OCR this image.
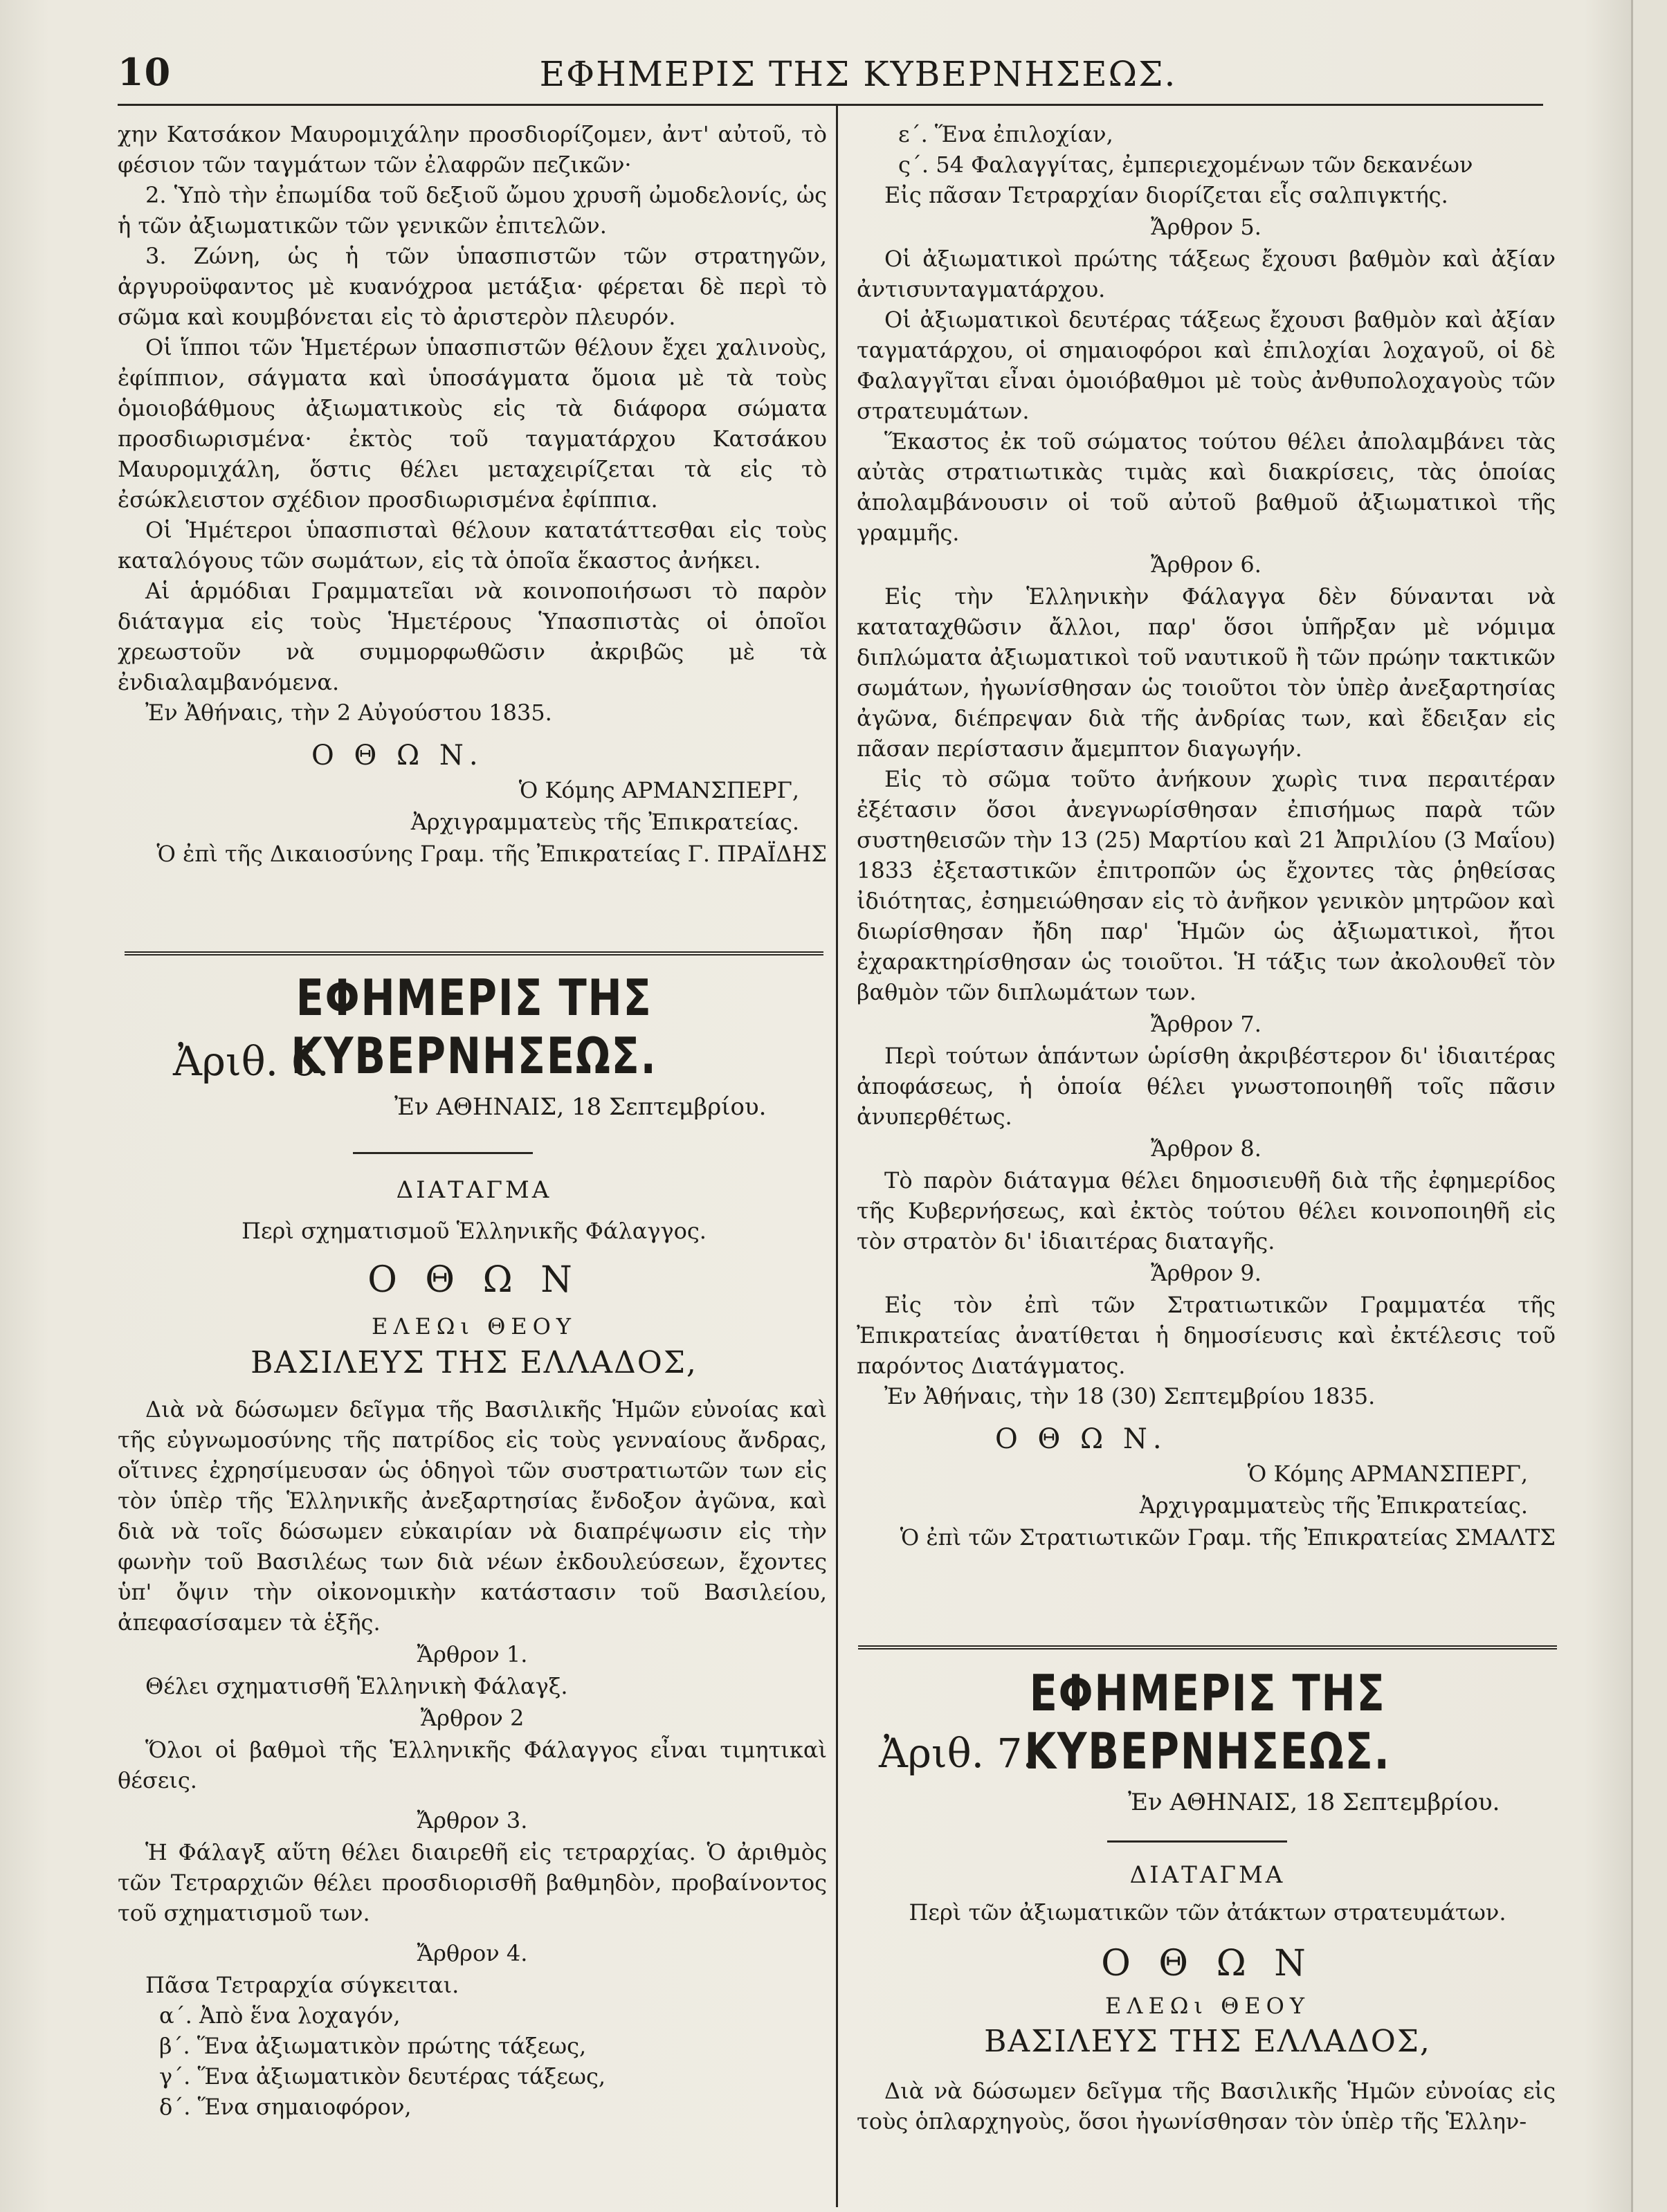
10	ΕΦΗΜΕΡΙΣ ΤΗΣ ΚΥΒΕΡΝΗΣΕΩΣ.

χην Κατσάκον Μαυρομιχάλην προσδιορίζομεν, ἀντ' αὐτοῦ, τὸ φέσιον τῶν ταγμάτων τῶν ἐλαφρῶν πεζικῶν·

2. Ὑπὸ τὴν ἐπωμίδα τοῦ δεξιοῦ ὤμου χρυσῆ ὠμοδελονίς, ὡς ἡ τῶν ἀξιωματικῶν τῶν γενικῶν ἐπιτελῶν.

3. Ζώνη, ὡς ἡ τῶν ὑπασπιστῶν τῶν στρατηγῶν, ἀργυροϋφαντος μὲ κυανόχροα μετάξια· φέρεται δὲ περὶ τὸ σῶμα καὶ κουμβόνεται εἰς τὸ ἀριστερὸν πλευρόν.

Οἱ ἵπποι τῶν Ἡμετέρων ὑπασπιστῶν θέλουν ἔχει χαλινοὺς, ἐφίππιον, σάγματα καὶ ὑποσάγματα ὅμοια μὲ τὰ τοὺς ὁμοιοβάθμους ἀξιωματικοὺς εἰς τὰ διάφορα σώματα προσδιωρισμένα· ἐκτὸς τοῦ ταγματάρχου Κατσάκου Μαυρομιχάλη, ὅστις θέλει μεταχειρίζεται τὰ εἰς τὸ ἐσώκλειστον σχέδιον προσδιωρισμένα ἐφίππια.

Οἱ Ἡμέτεροι ὑπασπισταὶ θέλουν κατατάττεσθαι εἰς τοὺς καταλόγους τῶν σωμάτων, εἰς τὰ ὁποῖα ἕκαστος ἀνήκει.

Αἱ ἁρμόδιαι Γραμματεῖαι νὰ κοινοποιήσωσι τὸ παρὸν διάταγμα εἰς τοὺς Ἡμετέρους Ὑπασπιστὰς οἱ ὁποῖοι χρεωστοῦν νὰ συμμορφωθῶσιν ἀκριβῶς μὲ τὰ ἐνδιαλαμβανόμενα.

Ἐν Ἀθήναις, τὴν 2 Αὐγούστου 1835.

Ο Θ Ω Ν.
Ὁ Κόμης ΑΡΜΑΝΣΠΕΡΓ,
Ἀρχιγραμματεὺς τῆς Ἐπικρατείας.
Ὁ ἐπὶ τῆς Δικαιοσύνης Γραμ. τῆς Ἐπικρατείας Γ. ΠΡΑΪΔΗΣ
ΕΦΗΜΕΡΙΣ ΤΗΣ ΚΥΒΕΡΝΗΣΕΩΣ.
Ἀριθ. 6.
Ἐν ΑΘΗΝΑΙΣ, 18 Σεπτεμβρίου.
ΔΙΑΤΑΓΜΑ
Περὶ σχηματισμοῦ Ἑλληνικῆς Φάλαγγος.
Ο Θ Ω Ν
ΕΛΕΩι ΘΕΟΥ
ΒΑΣΙΛΕΥΣ ΤΗΣ ΕΛΛΑΔΟΣ,

Διὰ νὰ δώσωμεν δεῖγμα τῆς Βασιλικῆς Ἡμῶν εὐνοίας καὶ τῆς εὐγνωμοσύνης τῆς πατρίδος εἰς τοὺς γενναίους ἄνδρας, οἵτινες ἐχρησίμευσαν ὡς ὁδηγοὶ τῶν συστρατιωτῶν των εἰς τὸν ὑπὲρ τῆς Ἑλληνικῆς ἀνεξαρτησίας ἔνδοξον ἀγῶνα, καὶ διὰ νὰ τοῖς δώσωμεν εὐκαιρίαν νὰ διαπρέψωσιν εἰς τὴν φωνὴν τοῦ Βασιλέως των διὰ νέων ἐκδουλεύσεων, ἔχοντες ὑπ' ὄψιν τὴν οἰκονομικὴν κατάστασιν τοῦ Βασιλείου, ἀπεφασίσαμεν τὰ ἑξῆς.

Ἄρθρον 1.

Θέλει σχηματισθῆ Ἑλληνικὴ Φάλαγξ.

Ἄρθρον 2

Ὅλοι οἱ βαθμοὶ τῆς Ἑλληνικῆς Φάλαγγος εἶναι τιμητικαὶ θέσεις.

Ἄρθρον 3.

Ἡ Φάλαγξ αὕτη θέλει διαιρεθῆ εἰς τετραρχίας. Ὁ ἀριθμὸς τῶν Τετραρχιῶν θέλει προσδιορισθῆ βαθμηδὸν, προβαίνοντος τοῦ σχηματισμοῦ των.

Ἄρθρον 4.

Πᾶσα Τετραρχία σύγκειται.

α΄. Ἀπὸ ἕνα λοχαγόν,

β΄. Ἕνα ἀξιωματικὸν πρώτης τάξεως,

γ΄. Ἕνα ἀξιωματικὸν δευτέρας τάξεως,

δ΄. Ἕνα σημαιοφόρον,

ε΄. Ἕνα ἐπιλοχίαν,

ς΄. 54 Φαλαγγίτας, ἐμπεριεχομένων τῶν δεκανέων

Εἰς πᾶσαν Τετραρχίαν διορίζεται εἷς σαλπιγκτής.

Ἄρθρον 5.

Οἱ ἀξιωματικοὶ πρώτης τάξεως ἔχουσι βαθμὸν καὶ ἀξίαν ἀντισυνταγματάρχου.

Οἱ ἀξιωματικοὶ δευτέρας τάξεως ἔχουσι βαθμὸν καὶ ἀξίαν ταγματάρχου, οἱ σημαιοφόροι καὶ ἐπιλοχίαι λοχαγοῦ, οἱ δὲ Φαλαγγῖται εἶναι ὁμοιόβαθμοι μὲ τοὺς ἀνθυπολοχαγοὺς τῶν στρατευμάτων.

Ἕκαστος ἐκ τοῦ σώματος τούτου θέλει ἀπολαμβάνει τὰς αὐτὰς στρατιωτικὰς τιμὰς καὶ διακρίσεις, τὰς ὁποίας ἀπολαμβάνουσιν οἱ τοῦ αὐτοῦ βαθμοῦ ἀξιωματικοὶ τῆς γραμμῆς.

Ἄρθρον 6.

Εἰς τὴν Ἑλληνικὴν Φάλαγγα δὲν δύνανται νὰ καταταχθῶσιν ἄλλοι, παρ' ὅσοι ὑπῆρξαν μὲ νόμιμα διπλώματα ἀξιωματικοὶ τοῦ ναυτικοῦ ἢ τῶν πρώην τακτικῶν σωμάτων, ἠγωνίσθησαν ὡς τοιοῦτοι τὸν ὑπὲρ ἀνεξαρτησίας ἀγῶνα, διέπρεψαν διὰ τῆς ἀνδρίας των, καὶ ἔδειξαν εἰς πᾶσαν περίστασιν ἄμεμπτον διαγωγήν.

Εἰς τὸ σῶμα τοῦτο ἀνήκουν χωρὶς τινα περαιτέραν ἐξέτασιν ὅσοι ἀνεγνωρίσθησαν ἐπισήμως παρὰ τῶν συστηθεισῶν τὴν 13 (25) Μαρτίου καὶ 21 Ἀπριλίου (3 Μαΐου) 1833 ἐξεταστικῶν ἐπιτροπῶν ὡς ἔχοντες τὰς ῥηθείσας ἰδιότητας, ἐσημειώθησαν εἰς τὸ ἀνῆκον γενικὸν μητρῶον καὶ διωρίσθησαν ἤδη παρ' Ἡμῶν ὡς ἀξιωματικοὶ, ἤτοι ἐχαρακτηρίσθησαν ὡς τοιοῦτοι. Ἡ τάξις των ἀκολουθεῖ τὸν βαθμὸν τῶν διπλωμάτων των.

Ἄρθρον 7.

Περὶ τούτων ἁπάντων ὡρίσθη ἀκριβέστερον δι' ἰδιαιτέρας ἀποφάσεως, ἡ ὁποία θέλει γνωστοποιηθῆ τοῖς πᾶσιν ἀνυπερθέτως.

Ἄρθρον 8.

Τὸ παρὸν διάταγμα θέλει δημοσιευθῆ διὰ τῆς ἐφημερίδος τῆς Κυβερνήσεως, καὶ ἐκτὸς τούτου θέλει κοινοποιηθῆ εἰς τὸν στρατὸν δι' ἰδιαιτέρας διαταγῆς.

Ἄρθρον 9.

Εἰς τὸν ἐπὶ τῶν Στρατιωτικῶν Γραμματέα τῆς Ἐπικρατείας ἀνατίθεται ἡ δημοσίευσις καὶ ἐκτέλεσις τοῦ παρόντος Διατάγματος.

Ἐν Ἀθήναις, τὴν 18 (30) Σεπτεμβρίου 1835.

Ο Θ Ω Ν.
Ὁ Κόμης ΑΡΜΑΝΣΠΕΡΓ,
Ἀρχιγραμματεὺς τῆς Ἐπικρατείας.
Ὁ ἐπὶ τῶν Στρατιωτικῶν Γραμ. τῆς Ἐπικρατείας ΣΜΑΛΤΣ
ΕΦΗΜΕΡΙΣ ΤΗΣ ΚΥΒΕΡΝΗΣΕΩΣ.
Ἀριθ. 7.
Ἐν ΑΘΗΝΑΙΣ, 18 Σεπτεμβρίου.
ΔΙΑΤΑΓΜΑ
Περὶ τῶν ἀξιωματικῶν τῶν ἀτάκτων στρατευμάτων.
Ο Θ Ω Ν
ΕΛΕΩι ΘΕΟΥ
ΒΑΣΙΛΕΥΣ ΤΗΣ ΕΛΛΑΔΟΣ,

Διὰ νὰ δώσωμεν δεῖγμα τῆς Βασιλικῆς Ἡμῶν εὐνοίας εἰς τοὺς ὁπλαρχηγοὺς, ὅσοι ἠγωνίσθησαν τὸν ὑπὲρ τῆς Ἑλλην-
